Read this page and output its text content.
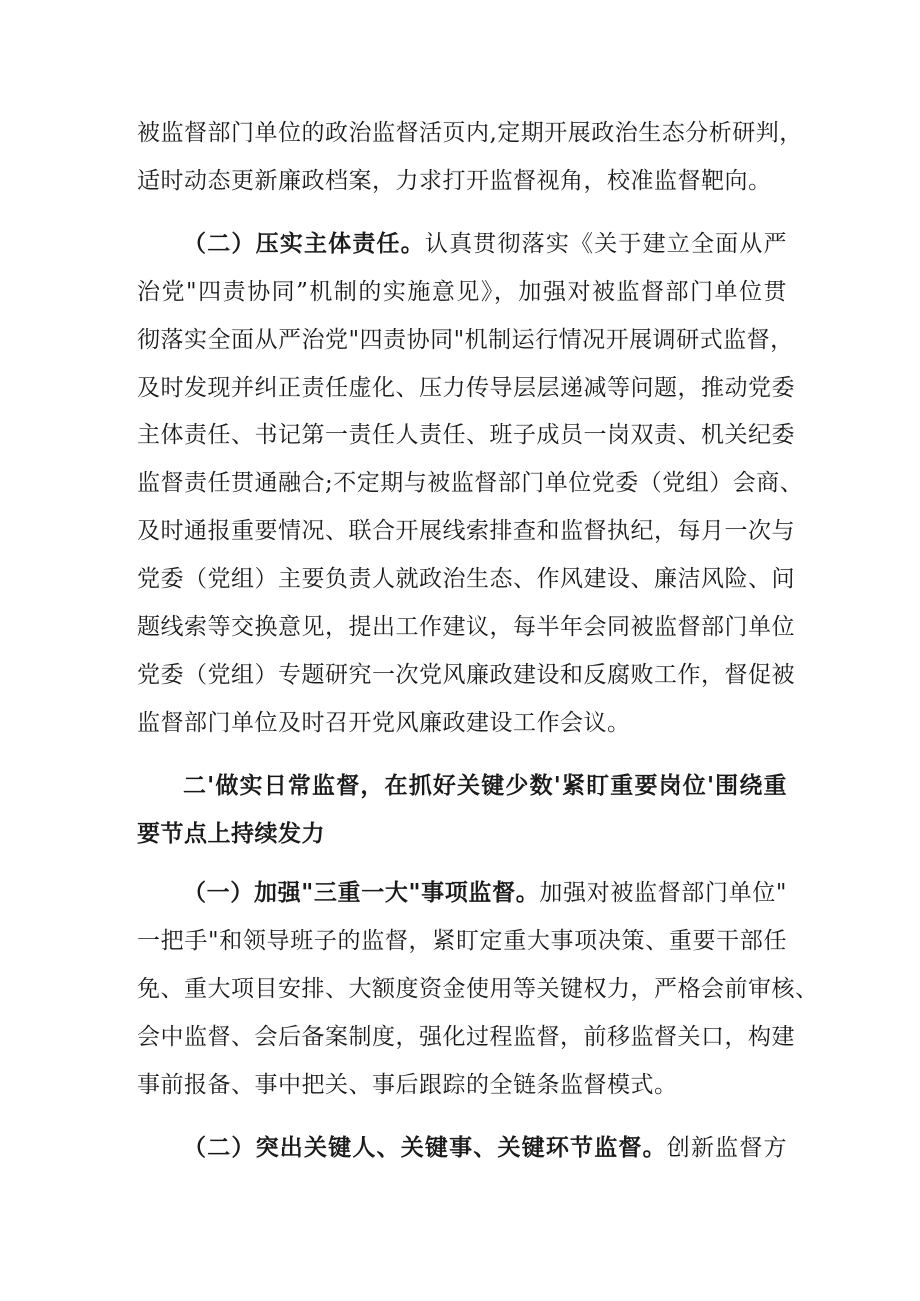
被监督部门单位的政治监督活页内,定期开展政治生态分析研判，
适时动态更新廉政档案，力求打开监督视角，校准监督靶向。
（二）压实主体责任。认真贯彻落实《关于建立全面从严
治党"四责协同”机制的实施意见》，加强对被监督部门单位贯
彻落实全面从严治党"四责协同"机制运行情况开展调研式监督，
及时发现并纠正责任虚化、压力传导层层递减等问题，推动党委
主体责任、书记第一责任人责任、班子成员一岗双责、机关纪委
监督责任贯通融合;不定期与被监督部门单位党委（党组）会商、
及时通报重要情况、联合开展线索排查和监督执纪，每月一次与
党委（党组）主要负责人就政治生态、作风建设、廉洁风险、问
题线索等交换意见，提出工作建议，每半年会同被监督部门单位
党委（党组）专题研究一次党风廉政建设和反腐败工作，督促被
监督部门单位及时召开党风廉政建设工作会议。
二'做实日常监督，在抓好关键少数'紧盯重要岗位'围绕重
要节点上持续发力
（一）加强"三重一大"事项监督。加强对被监督部门单位"
一把手"和领导班子的监督，紧盯定重大事项决策、重要干部任
免、重大项目安排、大额度资金使用等关键权力，严格会前审核、
会中监督、会后备案制度，强化过程监督，前移监督关口，构建
事前报备、事中把关、事后跟踪的全链条监督模式。
（二）突出关键人、关键事、关键环节监督。创新监督方
